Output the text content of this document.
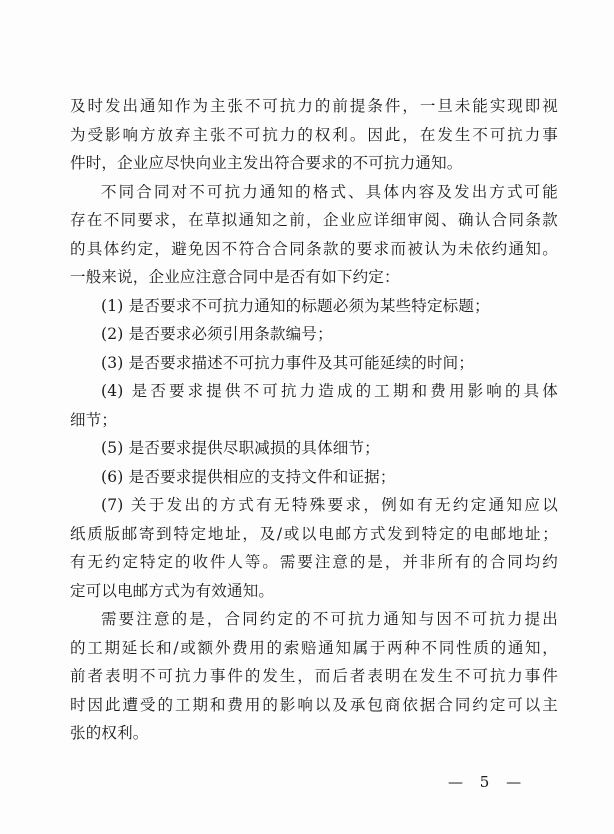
及时发出通知作为主张不可抗力的前提条件，一旦未能实现即视
为受影响方放弃主张不可抗力的权利。因此，在发生不可抗力事
件时，企业应尽快向业主发出符合要求的不可抗力通知。
不同合同对不可抗力通知的格式、具体内容及发出方式可能
存在不同要求，在草拟通知之前，企业应详细审阅、确认合同条款
的具体约定，避免因不符合合同条款的要求而被认为未依约通知。
一般来说，企业应注意合同中是否有如下约定：
(1) 是否要求不可抗力通知的标题必须为某些特定标题；
(2) 是否要求必须引用条款编号；
(3) 是否要求描述不可抗力事件及其可能延续的时间；
(4) 是否要求提供不可抗力造成的工期和费用影响的具体
细节；
(5) 是否要求提供尽职减损的具体细节；
(6) 是否要求提供相应的支持文件和证据；
(7) 关于发出的方式有无特殊要求，例如有无约定通知应以
纸质版邮寄到特定地址，及/或以电邮方式发到特定的电邮地址；
有无约定特定的收件人等。需要注意的是，并非所有的合同均约
定可以电邮方式为有效通知。
需要注意的是，合同约定的不可抗力通知与因不可抗力提出
的工期延长和/或额外费用的索赔通知属于两种不同性质的通知，
前者表明不可抗力事件的发生，而后者表明在发生不可抗力事件
时因此遭受的工期和费用的影响以及承包商依据合同约定可以主
张的权利。
— 5 —
